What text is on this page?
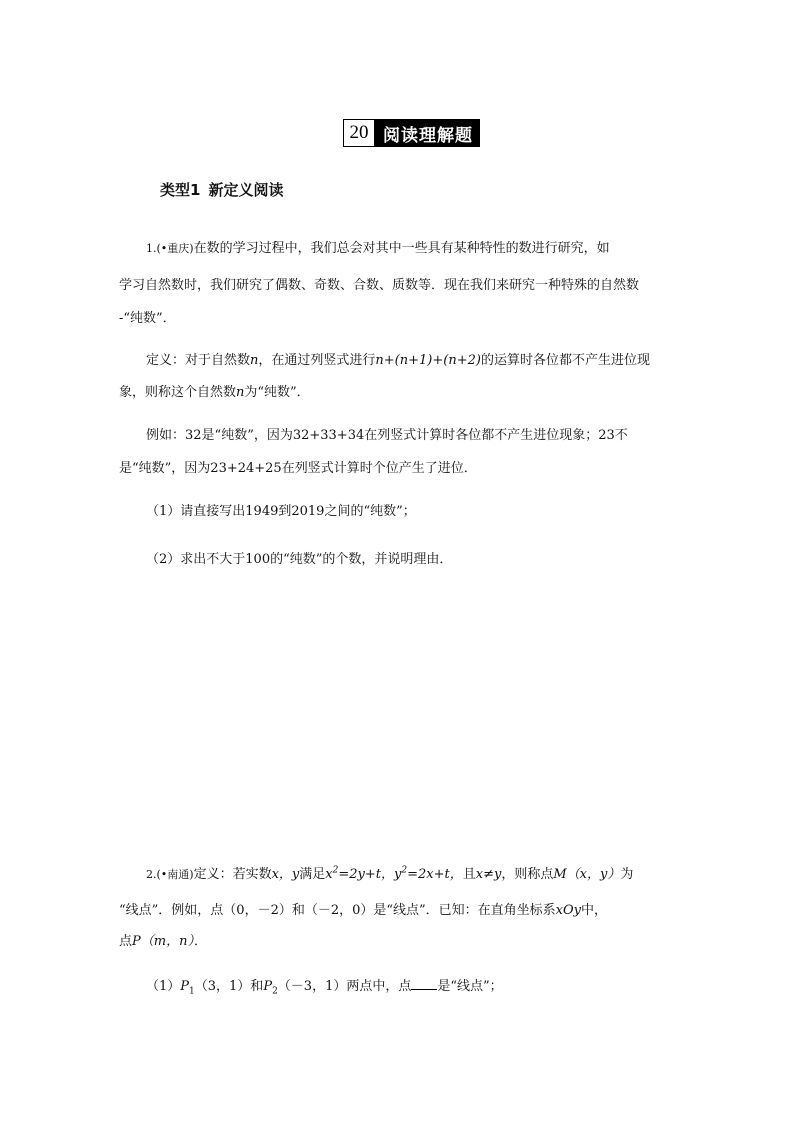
20 阅读理解题
类型1 新定义阅读
1.(•重庆)在数的学习过程中，我们总会对其中一些具有某种特性的数进行研究，如
学习自然数时，我们研究了偶数、奇数、合数、质数等．现在我们来研究一种特殊的自然数
-“纯数”．
定义：对于自然数n，在通过列竖式进行n+(n+1)+(n+2)的运算时各位都不产生进位现
象，则称这个自然数n为“纯数”．
例如：32是“纯数”，因为32+33+34在列竖式计算时各位都不产生进位现象；23不
是“纯数”，因为23+24+25在列竖式计算时个位产生了进位．
（1）请直接写出1949到2019之间的“纯数”；
（2）求出不大于100的“纯数”的个数，并说明理由．
2.(•南通)定义：若实数x，y满足$x^2=2y+t$，$y^2=2x+t$，且x≠y，则称点M（x，y）为
“线点”．例如，点（0，－2）和（－2，0）是“线点”．已知：在直角坐标系xOy中，
点P（m，n）．
$(1)P_1(3$，1）和$P_2(-3$，1）两点中，点 是“线点”；
